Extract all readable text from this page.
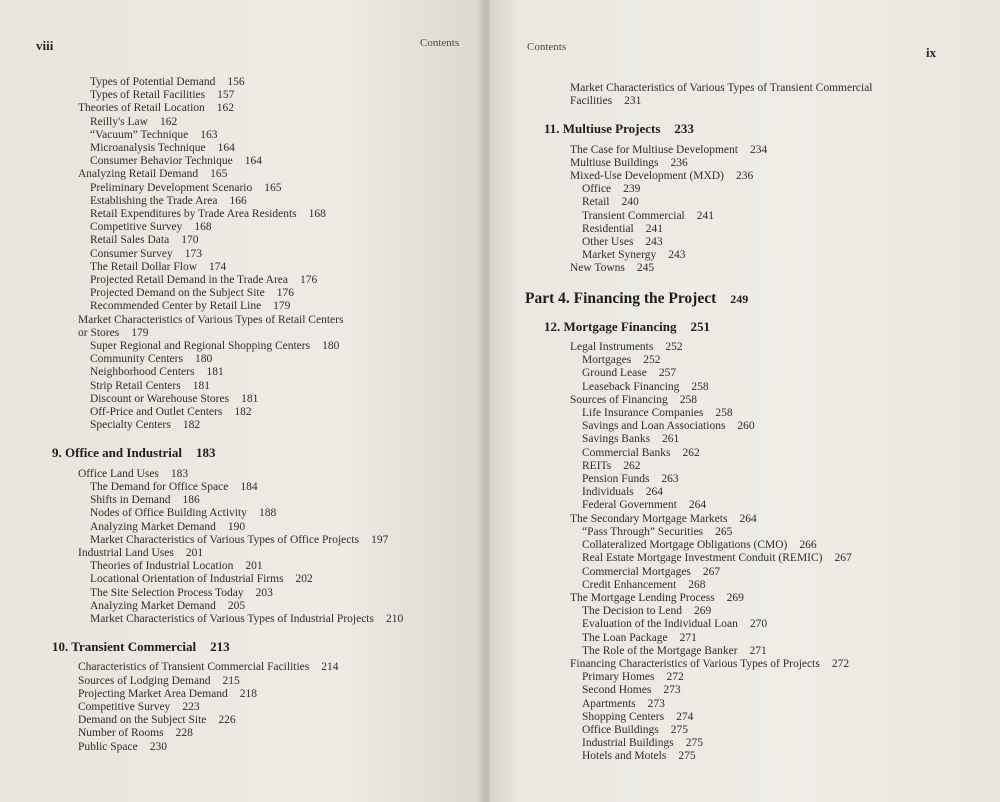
viii	Contents
Types of Potential Demand 156
Types of Retail Facilities 157
Theories of Retail Location 162
Reilly's Law 162
“Vacuum” Technique 163
Microanalysis Technique 164
Consumer Behavior Technique 164
Analyzing Retail Demand 165
Preliminary Development Scenario 165
Establishing the Trade Area 166
Retail Expenditures by Trade Area Residents 168
Competitive Survey 168
Retail Sales Data 170
Consumer Survey 173
The Retail Dollar Flow 174
Projected Retail Demand in the Trade Area 176
Projected Demand on the Subject Site 176
Recommended Center by Retail Line 179
Market Characteristics of Various Types of Retail Centers
or Stores 179
Super Regional and Regional Shopping Centers 180
Community Centers 180
Neighborhood Centers 181
Strip Retail Centers 181
Discount or Warehouse Stores 181
Off-Price and Outlet Centers 182
Specialty Centers 182
9. Office and Industrial 183
Office Land Uses 183
The Demand for Office Space 184
Shifts in Demand 186
Nodes of Office Building Activity 188
Analyzing Market Demand 190
Market Characteristics of Various Types of Office Projects 197
Industrial Land Uses 201
Theories of Industrial Location 201
Locational Orientation of Industrial Firms 202
The Site Selection Process Today 203
Analyzing Market Demand 205
Market Characteristics of Various Types of Industrial Projects 210
10. Transient Commercial 213
Characteristics of Transient Commercial Facilities 214
Sources of Lodging Demand 215
Projecting Market Area Demand 218
Competitive Survey 223
Demand on the Subject Site 226
Number of Rooms 228
Public Space 230
Contents	ix
Market Characteristics of Various Types of Transient Commercial
Facilities 231
11. Multiuse Projects 233
The Case for Multiuse Development 234
Multiuse Buildings 236
Mixed-Use Development (MXD) 236
Office 239
Retail 240
Transient Commercial 241
Residential 241
Other Uses 243
Market Synergy 243
New Towns 245
Part 4. Financing the Project 249
12. Mortgage Financing 251
Legal Instruments 252
Mortgages 252
Ground Lease 257
Leaseback Financing 258
Sources of Financing 258
Life Insurance Companies 258
Savings and Loan Associations 260
Savings Banks 261
Commercial Banks 262
REITs 262
Pension Funds 263
Individuals 264
Federal Government 264
The Secondary Mortgage Markets 264
“Pass Through” Securities 265
Collateralized Mortgage Obligations (CMO) 266
Real Estate Mortgage Investment Conduit (REMIC) 267
Commercial Mortgages 267
Credit Enhancement 268
The Mortgage Lending Process 269
The Decision to Lend 269
Evaluation of the Individual Loan 270
The Loan Package 271
The Role of the Mortgage Banker 271
Financing Characteristics of Various Types of Projects 272
Primary Homes 272
Second Homes 273
Apartments 273
Shopping Centers 274
Office Buildings 275
Industrial Buildings 275
Hotels and Motels 275
